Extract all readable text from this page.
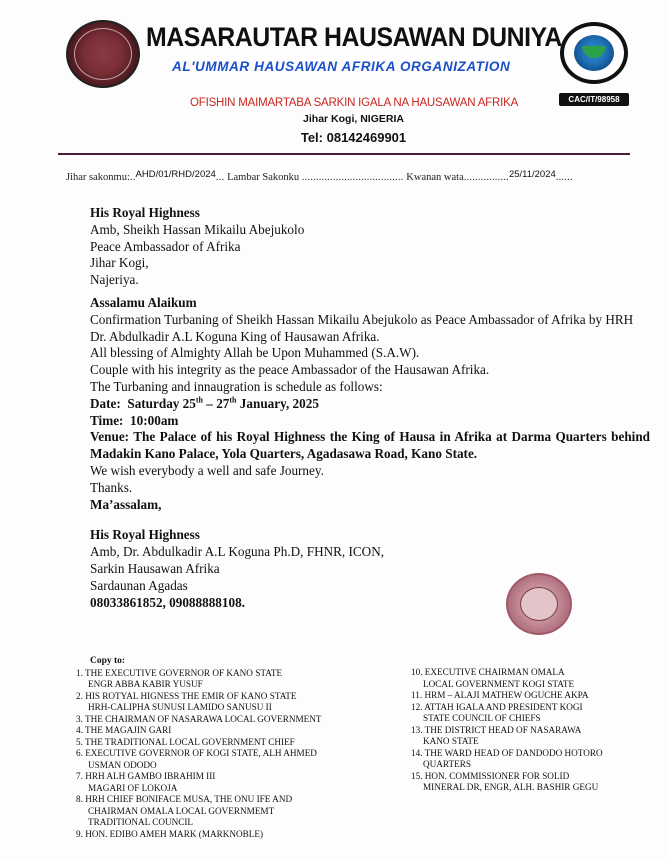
MASARAUTAR HAUSAWAN DUNIYA
AL'UMMAR HAUSAWAN AFRIKA ORGANIZATION
CAC/IT/98958
OFISHIN MAIMARTABA SARKIN IGALA NA HAUSAWAN AFRIKA
Jihar Kogi, NIGERIA
Tel: 08142469901
Jihar sakonmu:..AHD/01/RHD/2024... Lambar Sakonku .................................... Kwanan wata................25/11/2024......
His Royal Highness
Amb, Sheikh Hassan Mikailu Abejukolo
Peace Ambassador of Afrika
Jihar Kogi,
Najeriya.
Assalamu Alaikum
Confirmation Turbaning of Sheikh Hassan Mikailu Abejukolo as Peace Ambassador of Afrika by HRH Dr. Abdulkadir A.L Koguna King of Hausawan Afrika.
All blessing of Almighty Allah be Upon Muhammed (S.A.W).
Couple with his integrity as the peace Ambassador of the Hausawan Afrika.
The Turbaning and innaugration is schedule as follows:
Date: Saturday 25th – 27th January, 2025
Time: 10:00am
Venue: The Palace of his Royal Highness the King of Hausa in Afrika at Darma Quarters behind Madakin Kano Palace, Yola Quarters, Agadasawa Road, Kano State.
We wish everybody a well and safe Journey.
Thanks.
Ma’assalam,
His Royal Highness
Amb, Dr. Abdulkadir A.L Koguna Ph.D, FHNR, ICON,
Sarkin Hausawan Afrika
Sardaunan Agadas
08033861852, 09088888108.
Copy to:
1. THE EXECUTIVE GOVERNOR OF KANO STATE
ENGR ABBA KABIR YUSUF
2. HIS ROTYAL HIGNESS THE EMIR OF KANO STATE
HRH-CALIPHA SUNUSI LAMIDO SANUSU II
3. THE CHAIRMAN OF NASARAWA LOCAL GOVERNMENT
4. THE MAGAJIN GARI
5. THE TRADITIONAL LOCAL GOVERNMENT CHIEF
6. EXECUTIVE GOVERNOR OF KOGI STATE, ALH AHMED
USMAN ODODO
7. HRH ALH GAMBO IBRAHIM III
MAGARI OF LOKOJA
8. HRH CHIEF BONIFACE MUSA, THE ONU IFE AND
CHAIRMAN OMALA LOCAL GOVERNMEMT
TRADITIONAL COUNCIL
9. HON. EDIBO AMEH MARK (MARKNOBLE)
10. EXECUTIVE CHAIRMAN OMALA
LOCAL GOVERNMENT KOGI STATE
11. HRM – ALAJI MATHEW OGUCHE AKPA
12. ATTAH IGALA AND PRESIDENT KOGI
STATE COUNCIL OF CHIEFS
13. THE DISTRICT HEAD OF NASARAWA
KANO STATE
14. THE WARD HEAD OF DANDODO HOTORO
QUARTERS
15. HON. COMMISSIONER FOR SOLID
MINERAL DR, ENGR, ALH. BASHIR GEGU
